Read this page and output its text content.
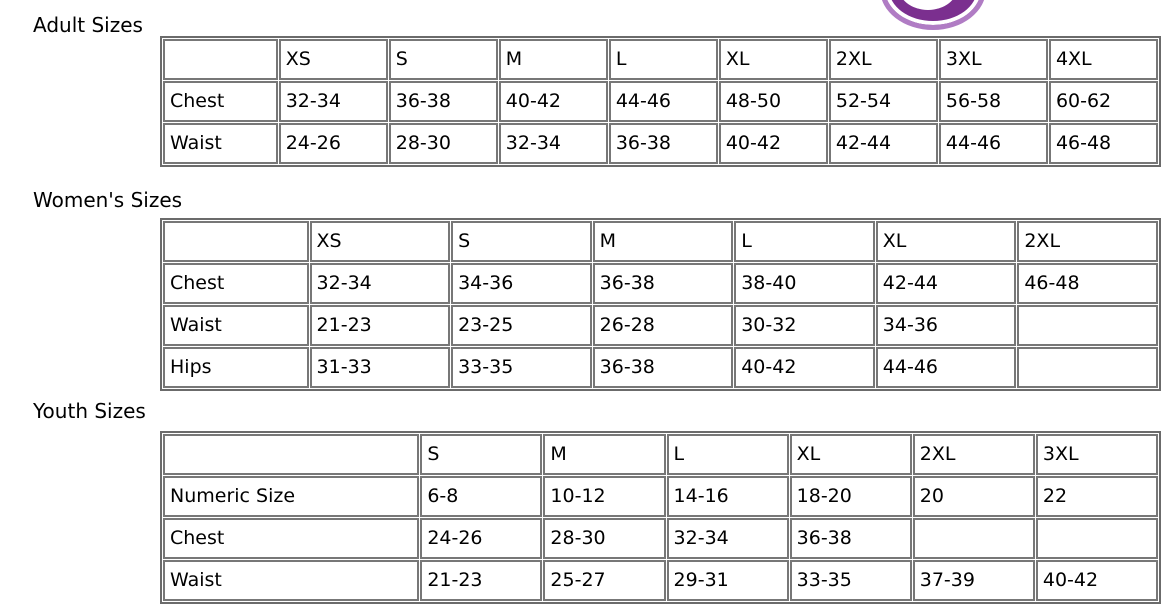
Adult Sizes
	XS	S	M	L	XL	2XL	3XL	4XL
Chest	32-34	36-38	40-42	44-46	48-50	52-54	56-58	60-62
Waist	24-26	28-30	32-34	36-38	40-42	42-44	44-46	46-48
Women's Sizes
	XS	S	M	L	XL	2XL
Chest	32-34	34-36	36-38	38-40	42-44	46-48
Waist	21-23	23-25	26-28	30-32	34-36	
Hips	31-33	33-35	36-38	40-42	44-46	
Youth Sizes
	S	M	L	XL	2XL	3XL
Numeric Size	6-8	10-12	14-16	18-20	20	22
Chest	24-26	28-30	32-34	36-38		
Waist	21-23	25-27	29-31	33-35	37-39	40-42
